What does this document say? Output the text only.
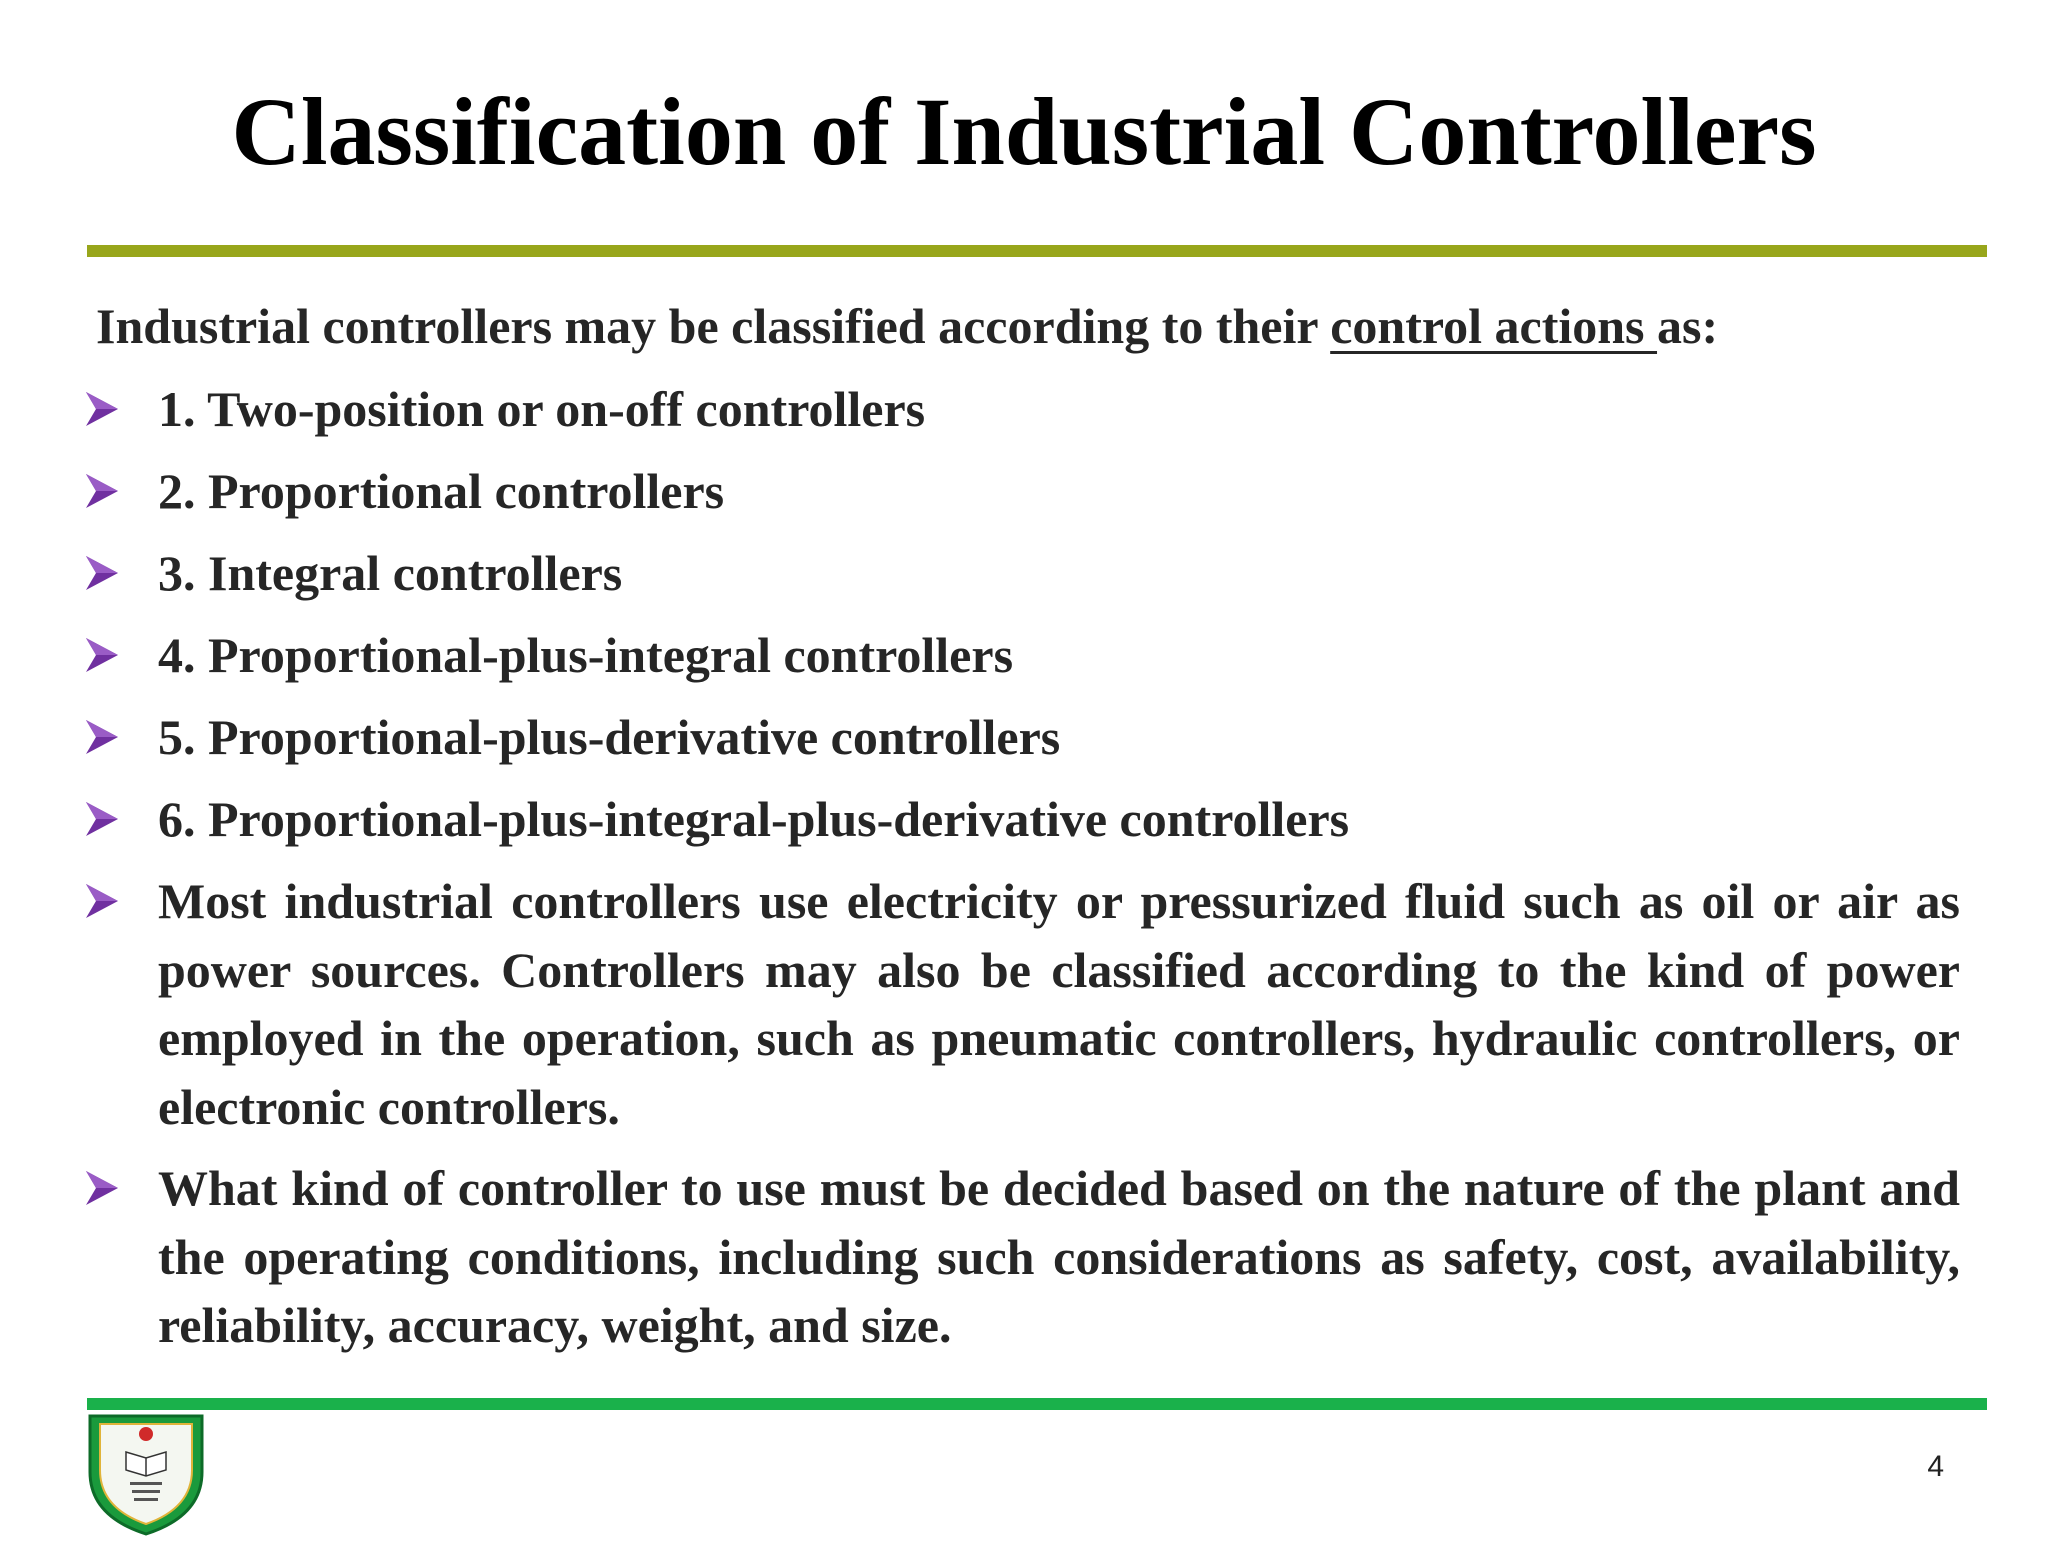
Classification of Industrial Controllers

Industrial controllers may be classified according to their control actions as:

1. Two-position or on-off controllers

2. Proportional controllers

3. Integral controllers

4. Proportional-plus-integral controllers

5. Proportional-plus-derivative controllers

6. Proportional-plus-integral-plus-derivative controllers

Most industrial controllers use electricity or pressurized fluid such as oil or air as power sources. Controllers may also be classified according to the kind of power employed in the operation, such as pneumatic controllers, hydraulic controllers, or electronic controllers.

What kind of controller to use must be decided based on the nature of the plant and the operating conditions, including such considerations as safety, cost, availability, reliability, accuracy, weight, and size.

4
